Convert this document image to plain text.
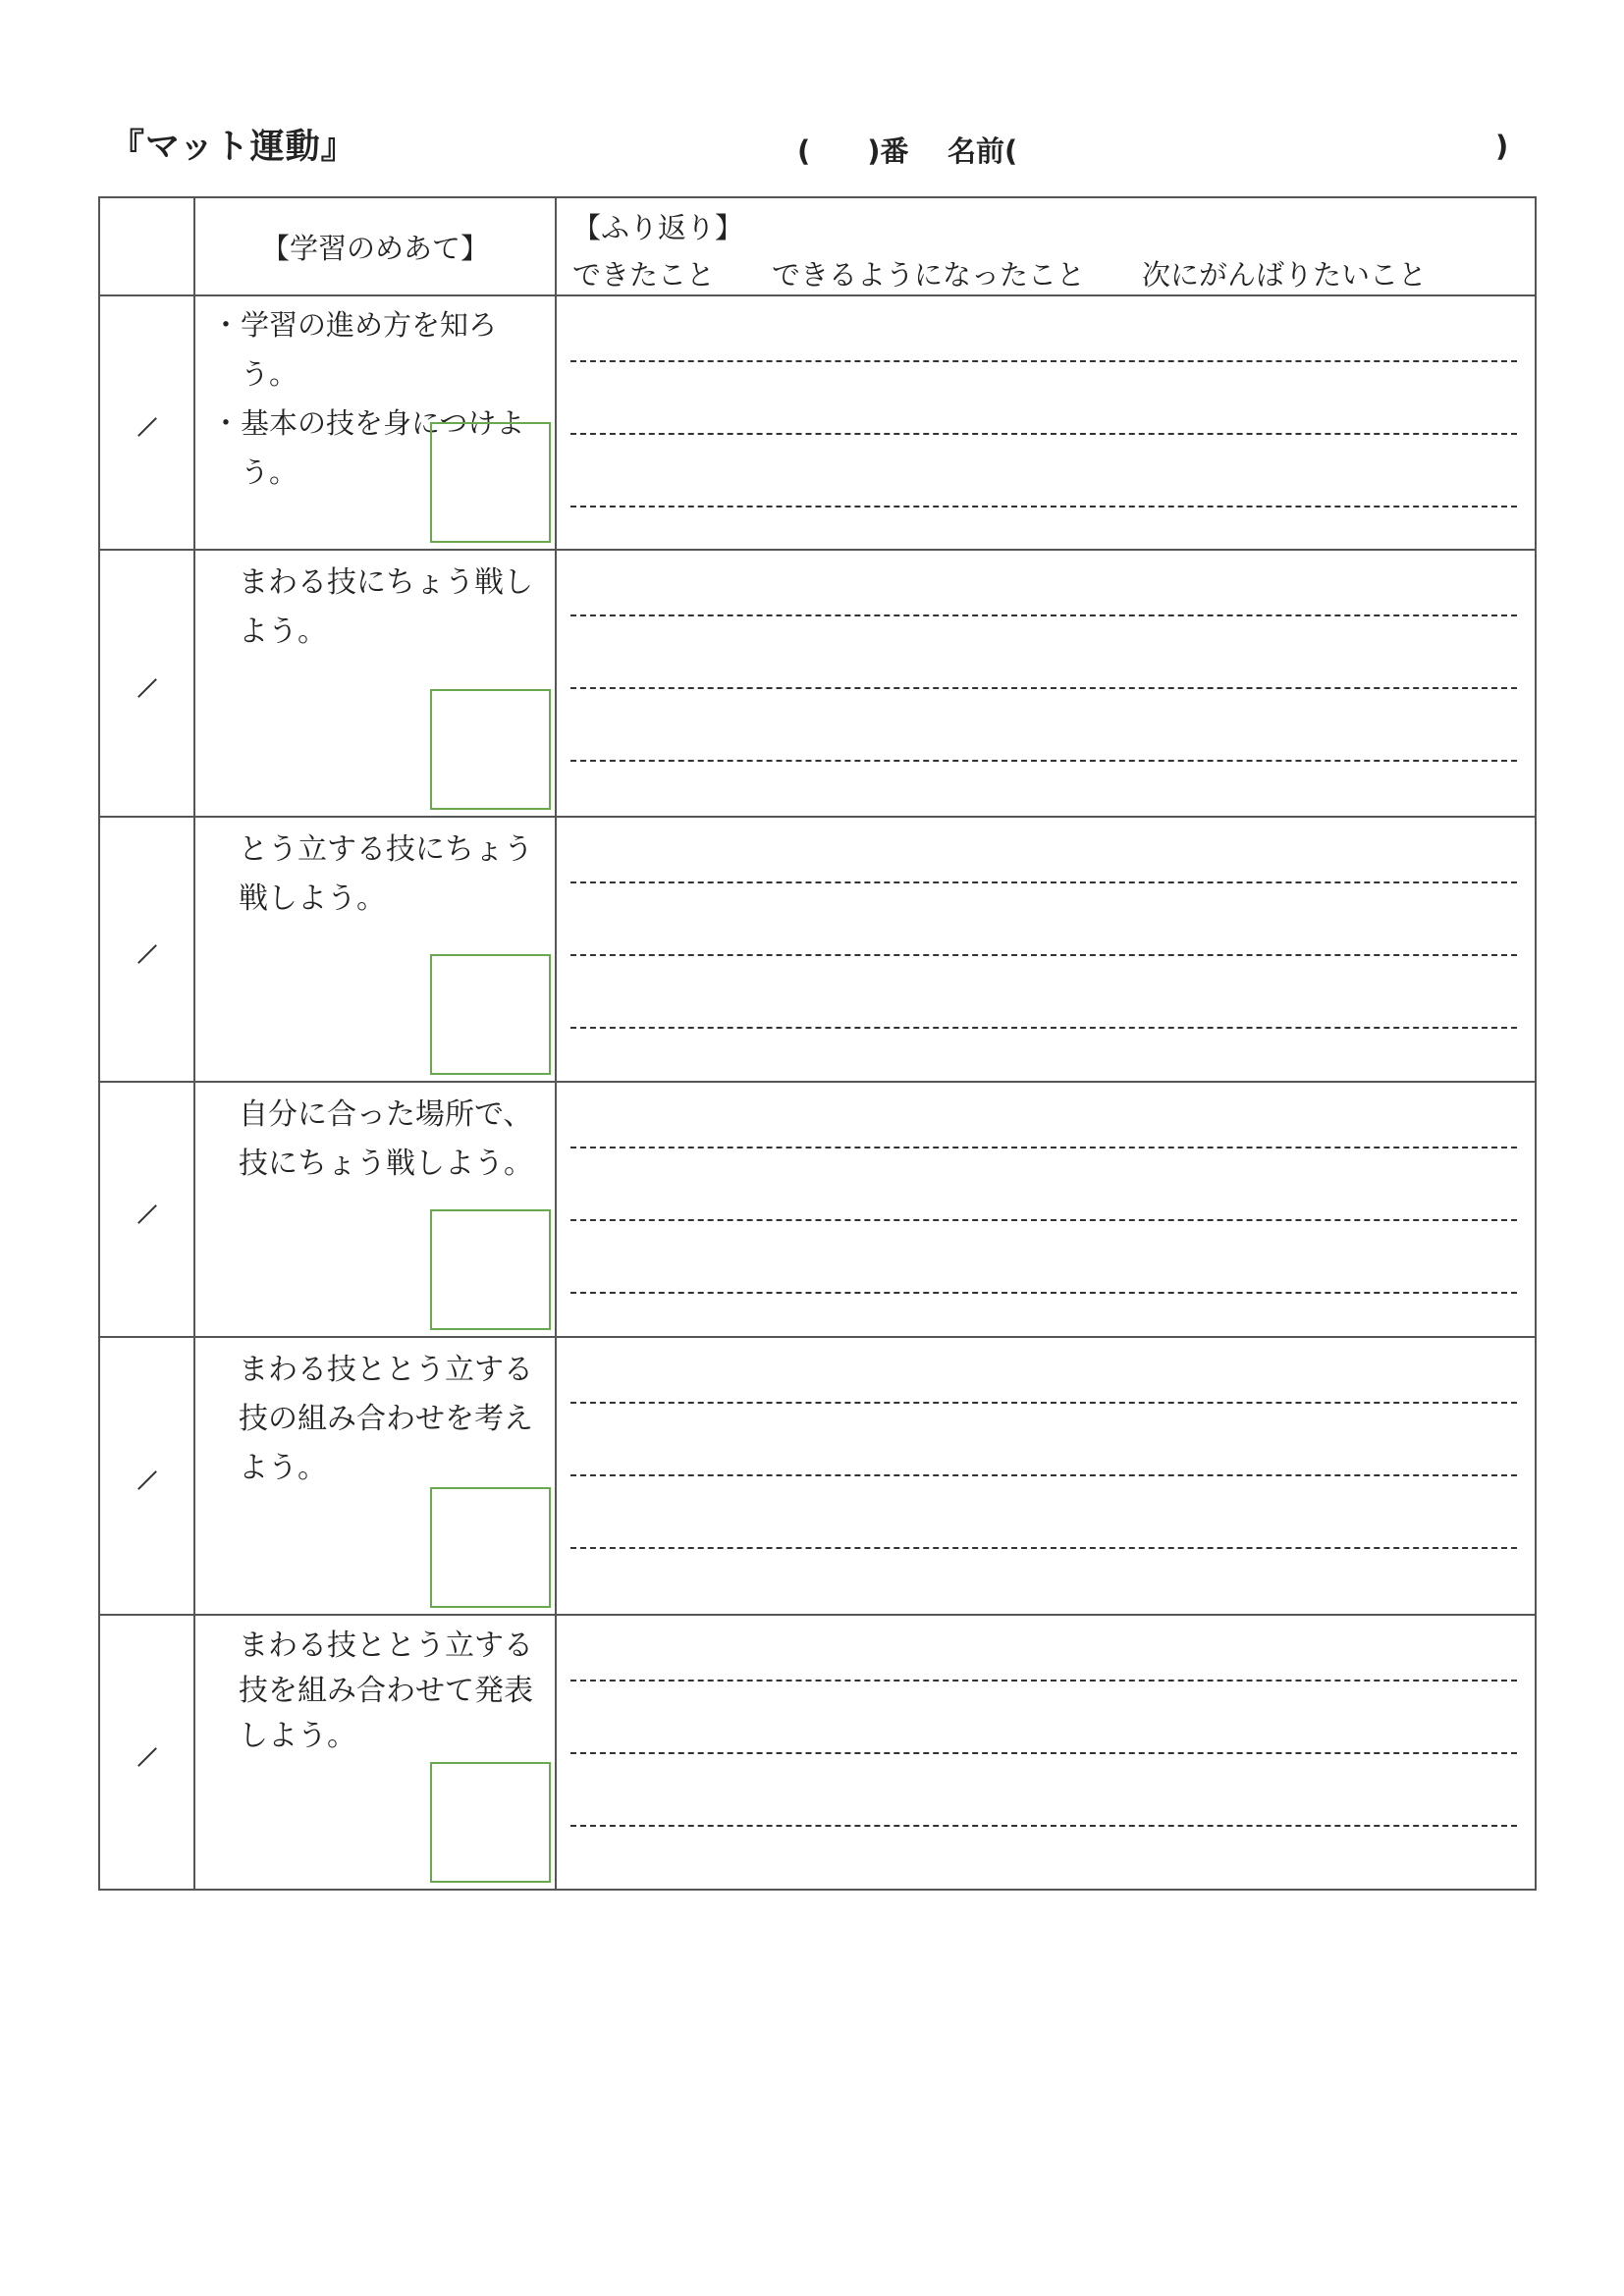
『マット運動』	(　　)番 名前(	)
	【学習のめあて】	【ふり返り】
できたこと　　できるようになったこと　　次にがんばりたいこと

	・学習の進め方を知ろう。
・基本の技を身につけよう。	

	まわる技にちょう戦しよう。	

	とう立する技にちょう戦しよう。	

	自分に合った場所で、技にちょう戦しよう。	

	まわる技ととう立する技の組み合わせを考えよう。	

	まわる技ととう立する技を組み合わせて発表しよう。	
